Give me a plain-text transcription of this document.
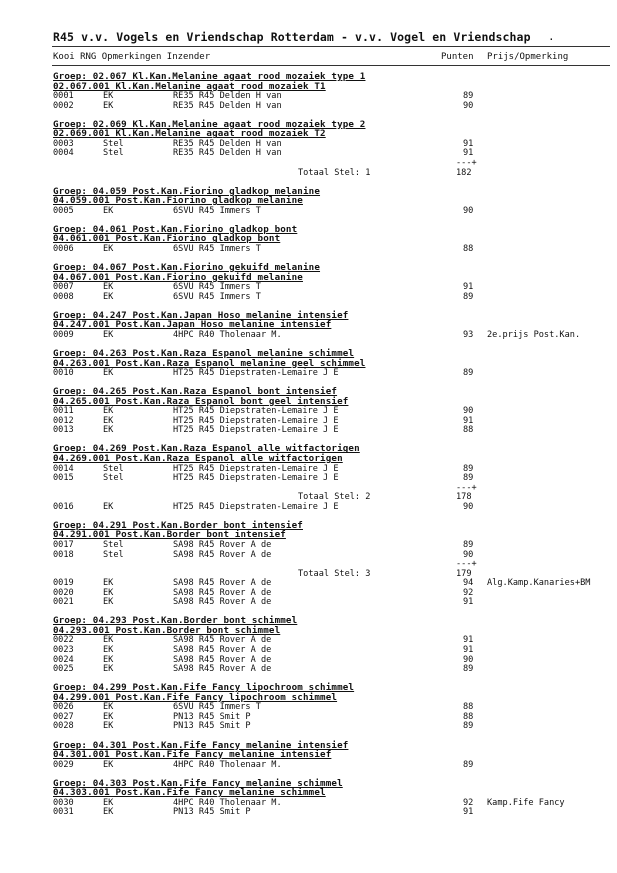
R45 v.v. Vogels en Vriendschap Rotterdam - v.v. Vogel en Vriendschap .
Kooi RNG Opmerkingen Inzender	Punten Prijs/Opmerking
Groep: 02.067 Kl.Kan.Melanine agaat rood mozaiek type 1
02.067.001 Kl.Kan.Melanine agaat rood mozaiek T1
0001	EK	RE35 R45 Delden H van	89
0002	EK	RE35 R45 Delden H van	90
Groep: 02.069 Kl.Kan.Melanine agaat rood mozaiek type 2
02.069.001 Kl.Kan.Melanine agaat rood mozaiek T2
0003	Stel	RE35 R45 Delden H van	91
0004	Stel	RE35 R45 Delden H van	91
---+
Totaal Stel: 1	182
Groep: 04.059 Post.Kan.Fiorino gladkop melanine
04.059.001 Post.Kan.Fiorino gladkop melanine
0005	EK	6SVU R45 Immers T	90
Groep: 04.061 Post.Kan.Fiorino gladkop bont
04.061.001 Post.Kan.Fiorino gladkop bont
0006	EK	6SVU R45 Immers T	88
Groep: 04.067 Post.Kan.Fiorino gekuifd melanine
04.067.001 Post.Kan.Fiorino gekuifd melanine
0007	EK	6SVU R45 Immers T	91
0008	EK	6SVU R45 Immers T	89
Groep: 04.247 Post.Kan.Japan Hoso melanine intensief
04.247.001 Post.Kan.Japan Hoso melanine intensief
0009	EK	4HPC R40 Tholenaar M.	93 2e.prijs Post.Kan.
Groep: 04.263 Post.Kan.Raza Espanol melanine schimmel
04.263.001 Post.Kan.Raza Espanol melanine geel schimmel
0010	EK	HT25 R45 Diepstraten-Lemaire J E	89
Groep: 04.265 Post.Kan.Raza Espanol bont intensief
04.265.001 Post.Kan.Raza Espanol bont geel intensief
0011	EK	HT25 R45 Diepstraten-Lemaire J E	90
0012	EK	HT25 R45 Diepstraten-Lemaire J E	91
0013	EK	HT25 R45 Diepstraten-Lemaire J E	88
Groep: 04.269 Post.Kan.Raza Espanol alle witfactorigen
04.269.001 Post.Kan.Raza Espanol alle witfactorigen
0014	Stel	HT25 R45 Diepstraten-Lemaire J E	89
0015	Stel	HT25 R45 Diepstraten-Lemaire J E	89
---+
Totaal Stel: 2	178
0016	EK	HT25 R45 Diepstraten-Lemaire J E	90
Groep: 04.291 Post.Kan.Border bont intensief
04.291.001 Post.Kan.Border bont intensief
0017	Stel	SA98 R45 Rover A de	89
0018	Stel	SA98 R45 Rover A de	90
---+
Totaal Stel: 3	179
0019	EK	SA98 R45 Rover A de	94 Alg.Kamp.Kanaries+BM
0020	EK	SA98 R45 Rover A de	92
0021	EK	SA98 R45 Rover A de	91
Groep: 04.293 Post.Kan.Border bont schimmel
04.293.001 Post.Kan.Border bont schimmel
0022	EK	SA98 R45 Rover A de	91
0023	EK	SA98 R45 Rover A de	91
0024	EK	SA98 R45 Rover A de	90
0025	EK	SA98 R45 Rover A de	89
Groep: 04.299 Post.Kan.Fife Fancy lipochroom schimmel
04.299.001 Post.Kan.Fife Fancy lipochroom schimmel
0026	EK	6SVU R45 Immers T	88
0027	EK	PN13 R45 Smit P	88
0028	EK	PN13 R45 Smit P	89
Groep: 04.301 Post.Kan.Fife Fancy melanine intensief
04.301.001 Post.Kan.Fife Fancy melanine intensief
0029	EK	4HPC R40 Tholenaar M.	89
Groep: 04.303 Post.Kan.Fife Fancy melanine schimmel
04.303.001 Post.Kan.Fife Fancy melanine schimmel
0030	EK	4HPC R40 Tholenaar M.	92 Kamp.Fife Fancy
0031	EK	PN13 R45 Smit P	91
